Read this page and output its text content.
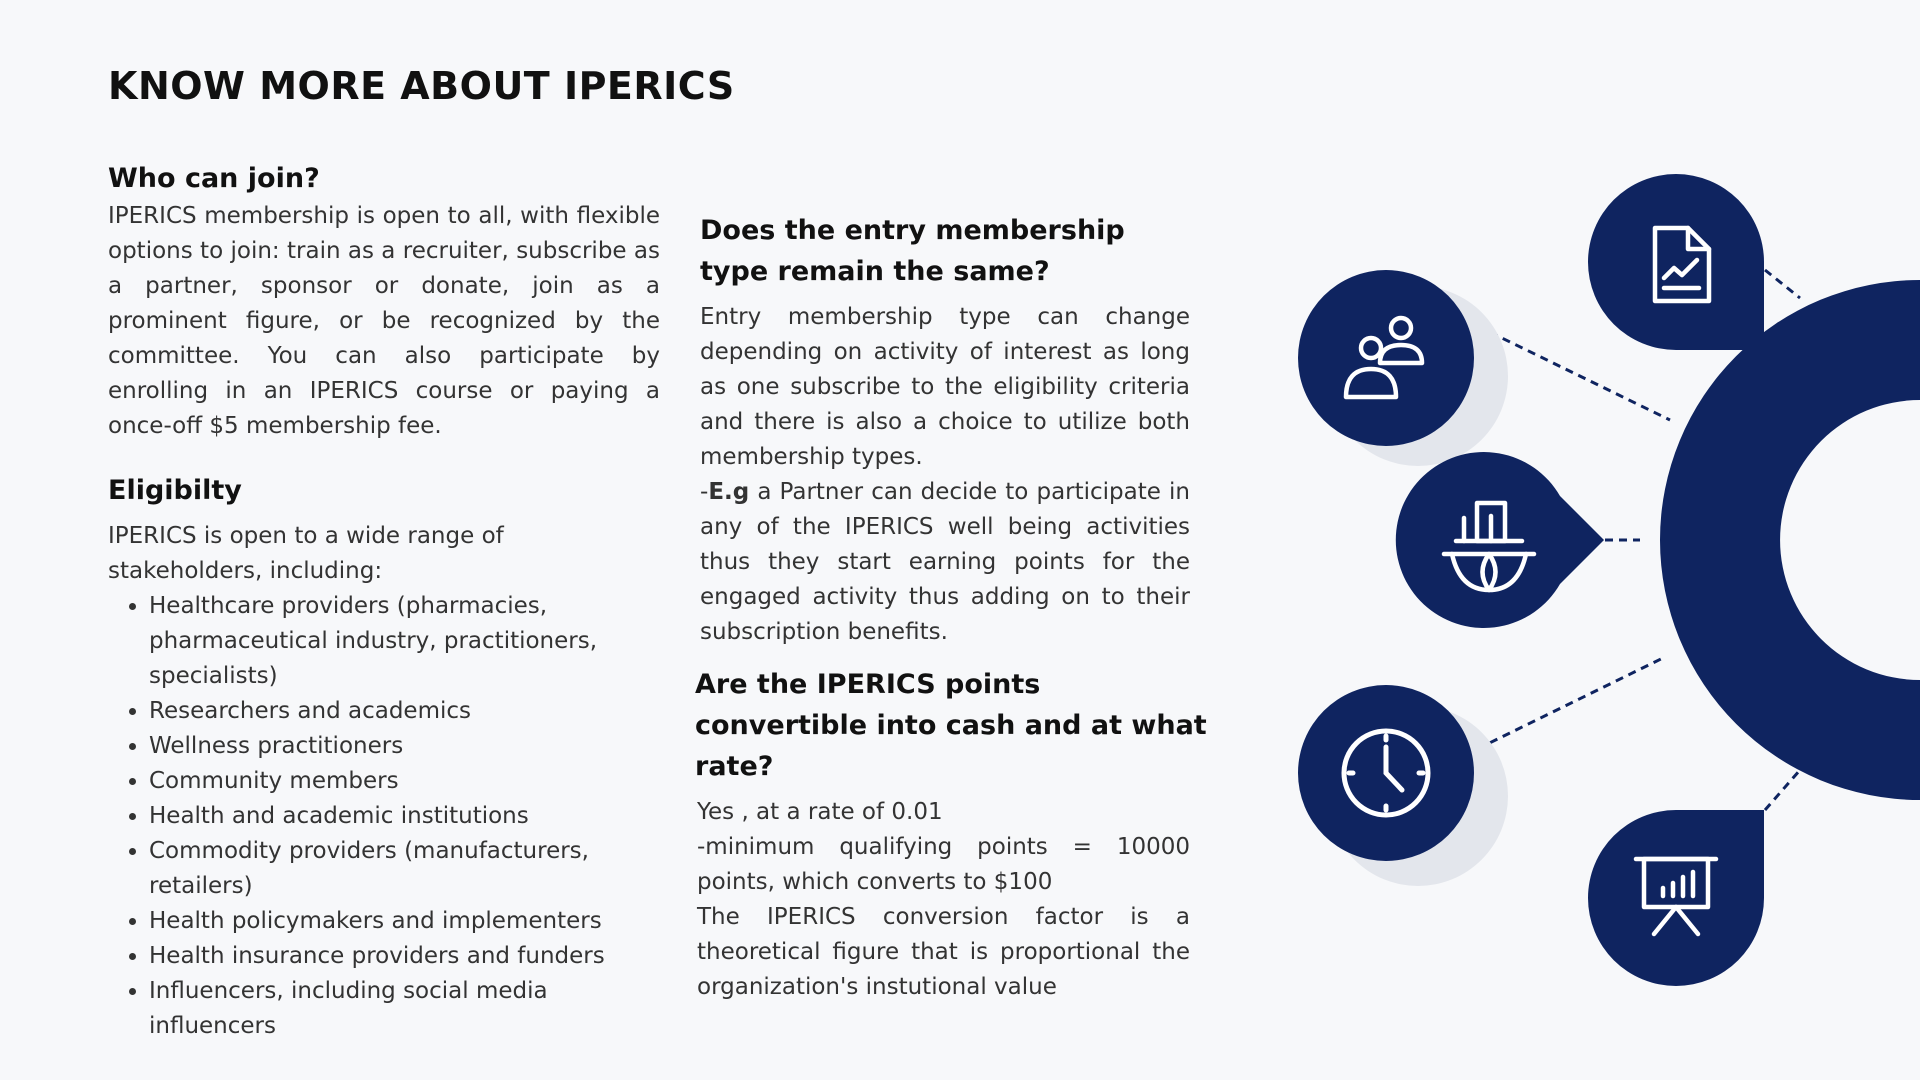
KNOW MORE ABOUT IPERICS
Who can join?

IPERICS membership is open to all, with flexible options to join: train as a recruiter, subscribe as a partner, sponsor or donate, join as a prominent figure, or be recognized by the committee. You can also participate by enrolling in an IPERICS course or paying a once-off $5 membership fee.

Eligibilty

IPERICS is open to a wide range of stakeholders, including:

• Healthcare providers (pharmacies, pharmaceutical industry, practitioners, specialists)
• Researchers and academics
• Wellness practitioners
• Community members
• Health and academic institutions
• Commodity providers (manufacturers, retailers)
• Health policymakers and implementers
• Health insurance providers and funders
• Influencers, including social media influencers
Does the entry membership type remain the same?

Entry membership type can change depending on activity of interest as long as one subscribe to the eligibility criteria and there is also a choice to utilize both membership types.

-E.g a Partner can decide to participate in any of the IPERICS well being activities thus they start earning points for the engaged activity thus adding on to their subscription benefits.

Are the IPERICS points convertible into cash and at what rate?

Yes , at a rate of 0.01

-minimum qualifying points = 10000 points, which converts to $100

The IPERICS conversion factor is a theoretical figure that is proportional the organization's instutional value
